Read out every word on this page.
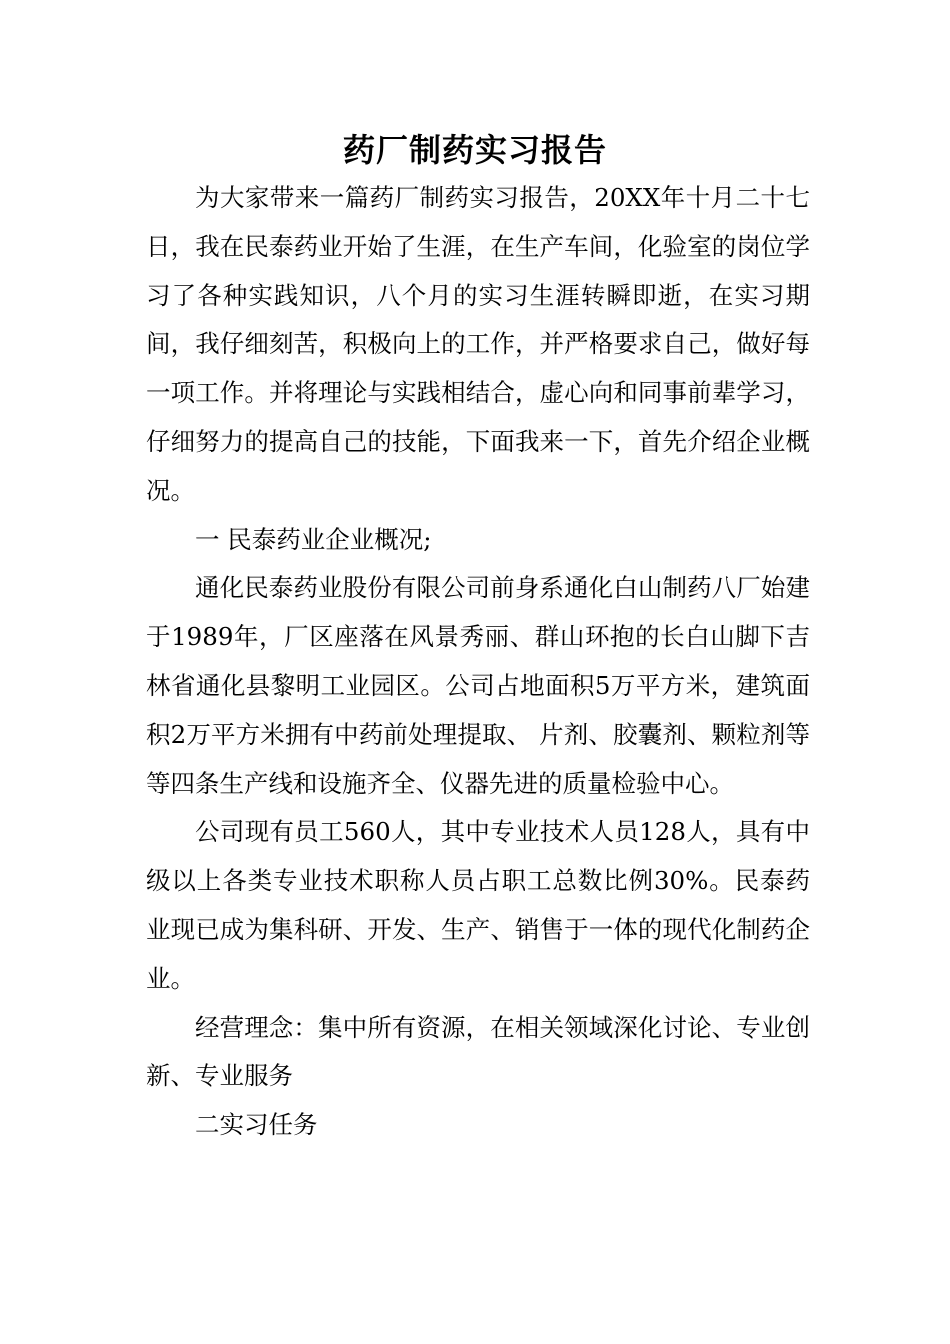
药厂制药实习报告

为大家带来一篇药厂制药实习报告，20XX年十月二十七日，我在民泰药业开始了生涯，在生产车间，化验室的岗位学习了各种实践知识，八个月的实习生涯转瞬即逝，在实习期间，我仔细刻苦，积极向上的工作，并严格要求自己，做好每一项工作。并将理论与实践相结合，虚心向和同事前辈学习，仔细努力的提高自己的技能，下面我来一下，首先介绍企业概况。

一 民泰药业企业概况;

通化民泰药业股份有限公司前身系通化白山制药八厂始建于1989年，厂区座落在风景秀丽、群山环抱的长白山脚下吉林省通化县黎明工业园区。公司占地面积5万平方米，建筑面积2万平方米拥有中药前处理提取、 片剂、胶囊剂、颗粒剂等等四条生产线和设施齐全、仪器先进的质量检验中心。

公司现有员工560人，其中专业技术人员128人，具有中级以上各类专业技术职称人员占职工总数比例30%。民泰药业现已成为集科研、开发、生产、销售于一体的现代化制药企业。

经营理念：集中所有资源，在相关领域深化讨论、专业创新、专业服务

二实习任务
